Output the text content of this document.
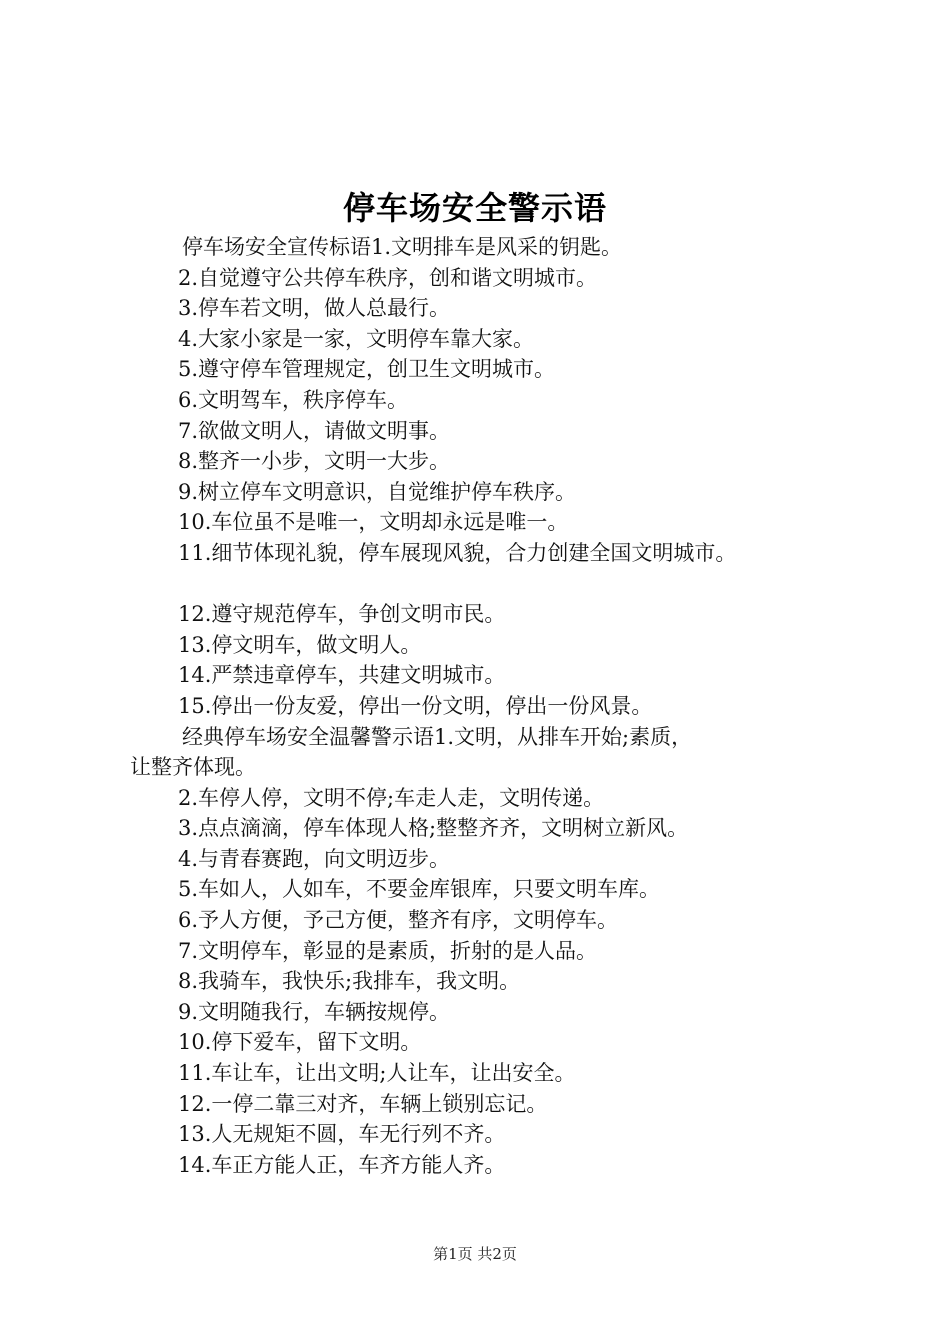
停车场安全警示语
停车场安全宣传标语1.文明排车是风采的钥匙。
2.自觉遵守公共停车秩序，创和谐文明城市。
3.停车若文明，做人总最行。
4.大家小家是一家，文明停车靠大家。
5.遵守停车管理规定，创卫生文明城市。
6.文明驾车，秩序停车。
7.欲做文明人，请做文明事。
8.整齐一小步，文明一大步。
9.树立停车文明意识，自觉维护停车秩序。
10.车位虽不是唯一，文明却永远是唯一。
11.细节体现礼貌，停车展现风貌，合力创建全国文明城市。
12.遵守规范停车，争创文明市民。
13.停文明车，做文明人。
14.严禁违章停车，共建文明城市。
15.停出一份友爱，停出一份文明，停出一份风景。
经典停车场安全温馨警示语1.文明，从排车开始;素质，
让整齐体现。
2.车停人停，文明不停;车走人走，文明传递。
3.点点滴滴，停车体现人格;整整齐齐，文明树立新风。
4.与青春赛跑，向文明迈步。
5.车如人，人如车，不要金库银库，只要文明车库。
6.予人方便，予己方便，整齐有序，文明停车。
7.文明停车，彰显的是素质，折射的是人品。
8.我骑车，我快乐;我排车，我文明。
9.文明随我行，车辆按规停。
10.停下爱车，留下文明。
11.车让车，让出文明;人让车，让出安全。
12.一停二靠三对齐，车辆上锁别忘记。
13.人无规矩不圆，车无行列不齐。
14.车正方能人正，车齐方能人齐。
第1页 共2页
